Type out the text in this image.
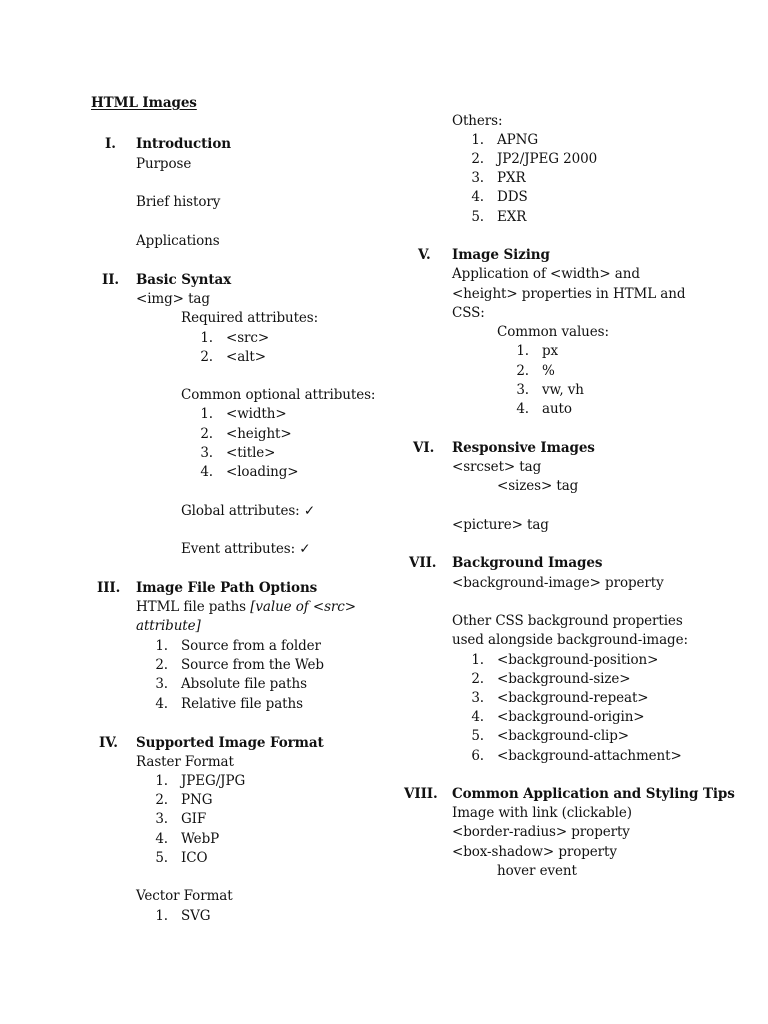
HTML Images
I. Introduction
Purpose
Brief history
Applications
II. Basic Syntax
<img> tag
Required attributes:
1. <src>
2. <alt>
Common optional attributes:
1. <width>
2. <height>
3. <title>
4. <loading>
Global attributes: ✓
Event attributes: ✓
III. Image File Path Options
HTML file paths [value of <src>
attribute]
1. Source from a folder
2. Source from the Web
3. Absolute file paths
4. Relative file paths
IV. Supported Image Format
Raster Format
1. JPEG/JPG
2. PNG
3. GIF
4. WebP
5. ICO
Vector Format
1. SVG
Others:
1. APNG
2. JP2/JPEG 2000
3. PXR
4. DDS
5. EXR
V. Image Sizing
Application of <width> and
<height> properties in HTML and
CSS:
Common values:
1. px
2. %
3. vw, vh
4. auto
VI. Responsive Images
<srcset> tag
<sizes> tag
<picture> tag
VII. Background Images
<background-image> property
Other CSS background properties
used alongside background-image:
1. <background-position>
2. <background-size>
3. <background-repeat>
4. <background-origin>
5. <background-clip>
6. <background-attachment>
VIII. Common Application and Styling Tips
Image with link (clickable)
<border-radius> property
<box-shadow> property
hover event
